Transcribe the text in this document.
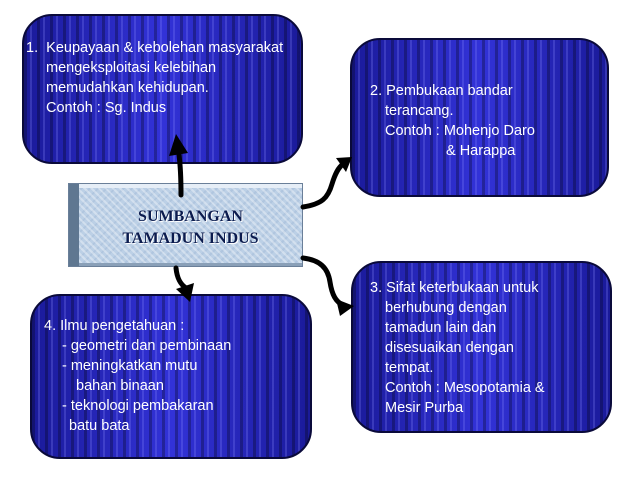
1.  Keupayaan & kebolehan masyarakat
mengeksploitasi kelebihan
memudahkan kehidupan.
Contoh : Sg. Indus
2. Pembukaan bandar
terancang.
Contoh : Mohenjo Daro
& Harappa
3. Sifat keterbukaan untuk
berhubung dengan
tamadun lain dan
disesuaikan dengan
tempat.
Contoh : Mesopotamia &
Mesir Purba
4. Ilmu pengetahuan :
- geometri dan pembinaan
- meningkatkan mutu
bahan binaan
- teknologi pembakaran
batu bata
SUMBANGAN
TAMADUN INDUS
